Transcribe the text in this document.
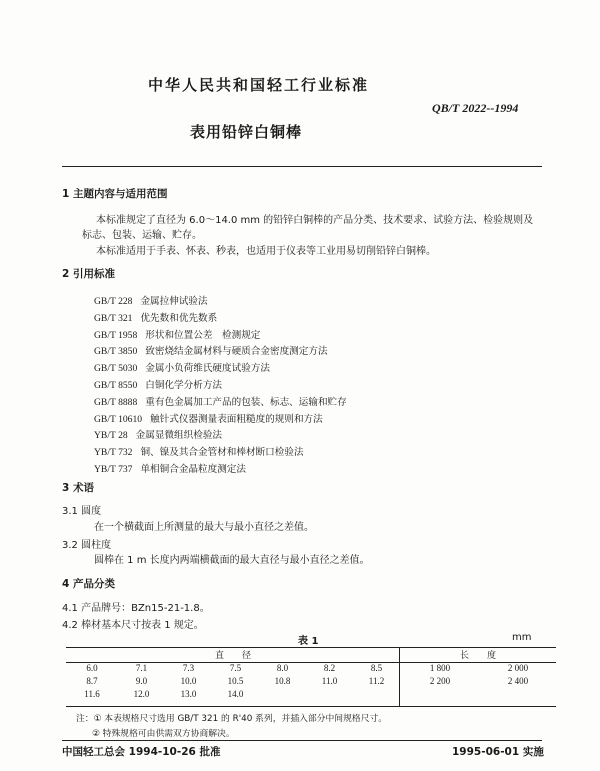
中华人民共和国轻工行业标准
QB/T 2022--1994
表用铅锌白铜棒
1 主题内容与适用范围
本标准规定了直径为 6.0～14.0 mm 的铅锌白铜棒的产品分类、技术要求、试验方法、检验规则及
标志、包装、运输、贮存。
本标准适用于手表、怀表、秒表，也适用于仪表等工业用易切削铅锌白铜棒。
2 引用标准
GB/T 228 金属拉伸试验法
GB/T 321 优先数和优先数系
GB/T 1958 形状和位置公差　检测规定
GB/T 3850 致密烧结金属材料与硬质合金密度测定方法
GB/T 5030 金属小负荷维氏硬度试验方法
GB/T 8550 白铜化学分析方法
GB/T 8888 重有色金属加工产品的包装、标志、运输和贮存
GB/T 10610 触针式仪器测量表面粗糙度的规则和方法
YB/T 28 金属显微组织检验法
YB/T 732 铜、镍及其合金管材和棒材断口检验法
YB/T 737 单相铜合金晶粒度测定法
3 术语
3.1 圆度
在一个横截面上所测量的最大与最小直径之差值。
3.2 圆柱度
圆棒在 1 m 长度内两端横截面的最大直径与最小直径之差值。
4 产品分类
4.1 产品牌号：BZn15-21-1.8。
4.2 棒材基本尺寸按表 1 规定。
表 1	mm
直　　径							长　　度	
6.0	7.1	7.3	7.5	8.0	8.2	8.5	1 800	2 000
8.7	9.0	10.0	10.5	10.8	11.0	11.2	2 200	2 400
11.6	12.0	13.0	14.0					
注：① 本表规格尺寸选用 GB/T 321 的 R'40 系列，并插入部分中间规格尺寸。
② 特殊规格可由供需双方协商解决。
中国轻工总会 1994-10-26 批准	1995-06-01 实施
